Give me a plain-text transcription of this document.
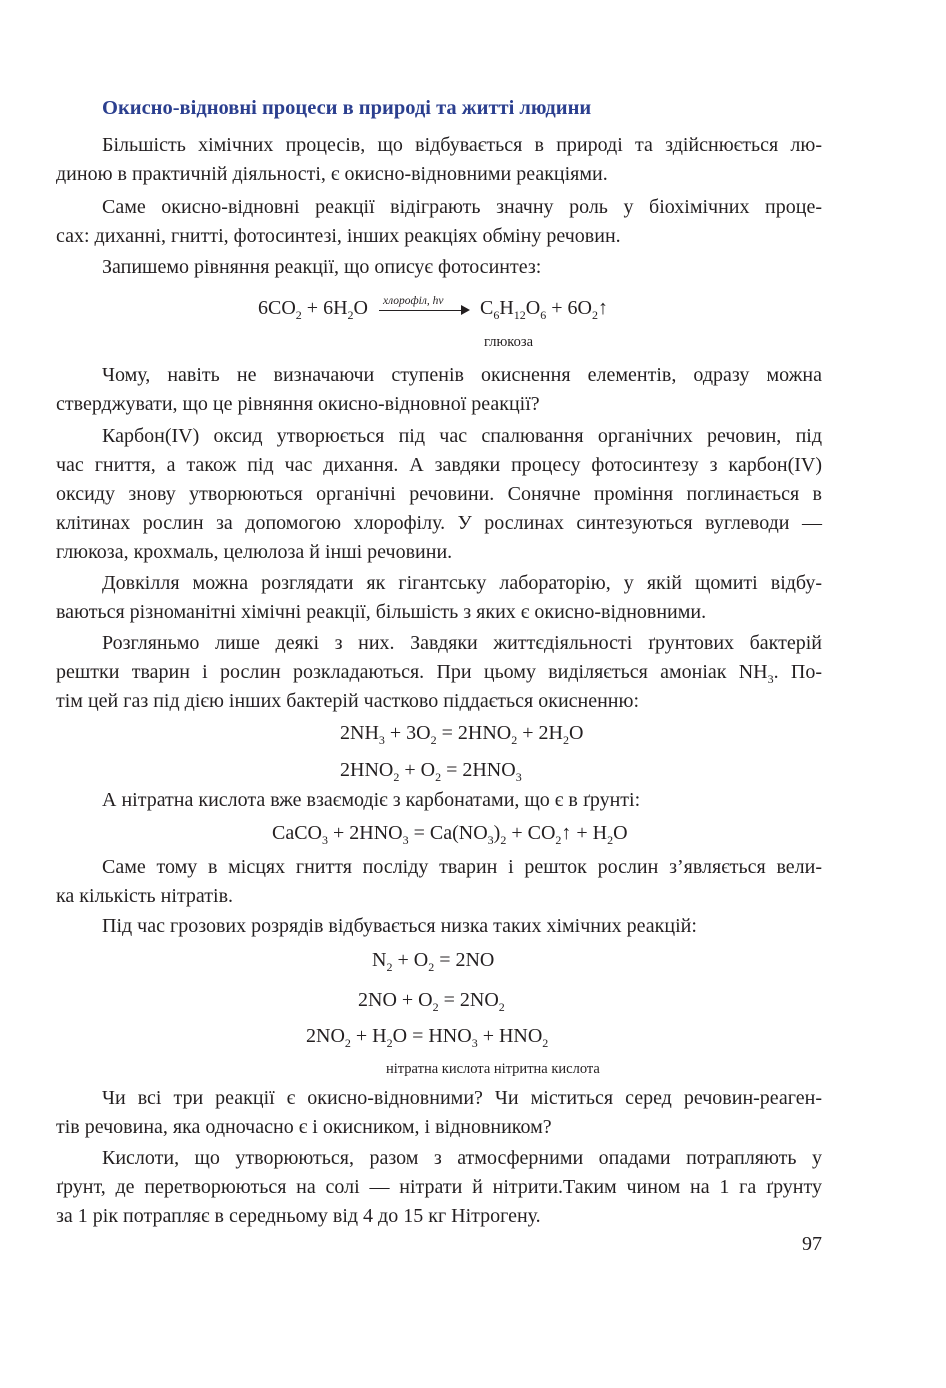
Окисно-відновні процеси в природі та житті людини
Більшість хімічних процесів, що відбувається в природі та здійснюється лю-
диною в практичній діяльності, є окисно-відновними реакціями.
Саме окисно-відновні реакції відіграють значну роль у біохімічних проце-
сах: диханні, гнитті, фотосинтезі, інших реакціях обміну речовин.
Запишемо рівняння реакції, що описує фотосинтез:
$6CO_2 + 6H_2O$ хлорофіл, hv $C_6H_{12}O_6$ + $6O_2↑$
глюкоза
Чому, навіть не визначаючи ступенів окиснення елементів, одразу можна
стверджувати, що це рівняння окисно-відновної реакції?
Карбон(IV) оксид утворюється під час спалювання органічних речовин, під
час гниття, а також під час дихання. А завдяки процесу фотосинтезу з карбон(IV)
оксиду знову утворюються органічні речовини. Сонячне проміння поглинається в
клітинах рослин за допомогою хлорофілу. У рослинах синтезуються вуглеводи —
глюкоза, крохмаль, целюлоза й інші речовини.
Довкілля можна розглядати як гігантську лабораторію, у якій щомиті відбу-
ваються різноманітні хімічні реакції, більшість з яких є окисно-відновними.
Розгляньмо лише деякі з них. Завдяки життєдіяльності ґрунтових бактерій
рештки тварин і рослин розкладаються. При цьому виділяється амоніак $NH_3$. По-
тім цей газ під дією інших бактерій частково піддається окисненню:
$2NH_3 + 3O_2 = 2HNO_2 + 2H_2O$
$2HNO_2 + O_2 = 2HNO_3$
А нітратна кислота вже взаємодіє з карбонатами, що є в ґрунті:
CaCO$_3$ + $2HNO_3 = Ca(NO_3)_2$ + $CO_2↑ + H_2O$
Саме тому в місцях гниття посліду тварин і решток рослин з’являється вели-
ка кількість нітратів.
Під час грозових розрядів відбувається низка таких хімічних реакцій:
$N_2 + O_2 = 2NO$
$2NO + O_2 = 2NO_2$
$2NO_2 + H_2O = HNO_3 + HNO_2$
нітратна кислота нітритна кислота
Чи всі три реакції є окисно-відновними? Чи міститься серед речовин-реаген-
тів речовина, яка одночасно є і окисником, і відновником?
Кислоти, що утворюються, разом з атмосферними опадами потрапляють у
ґрунт, де перетворюються на солі — нітрати й нітрити.Таким чином на 1 га ґрунту
за 1 рік потрапляє в середньому від 4 до 15 кг Нітрогену.
97
